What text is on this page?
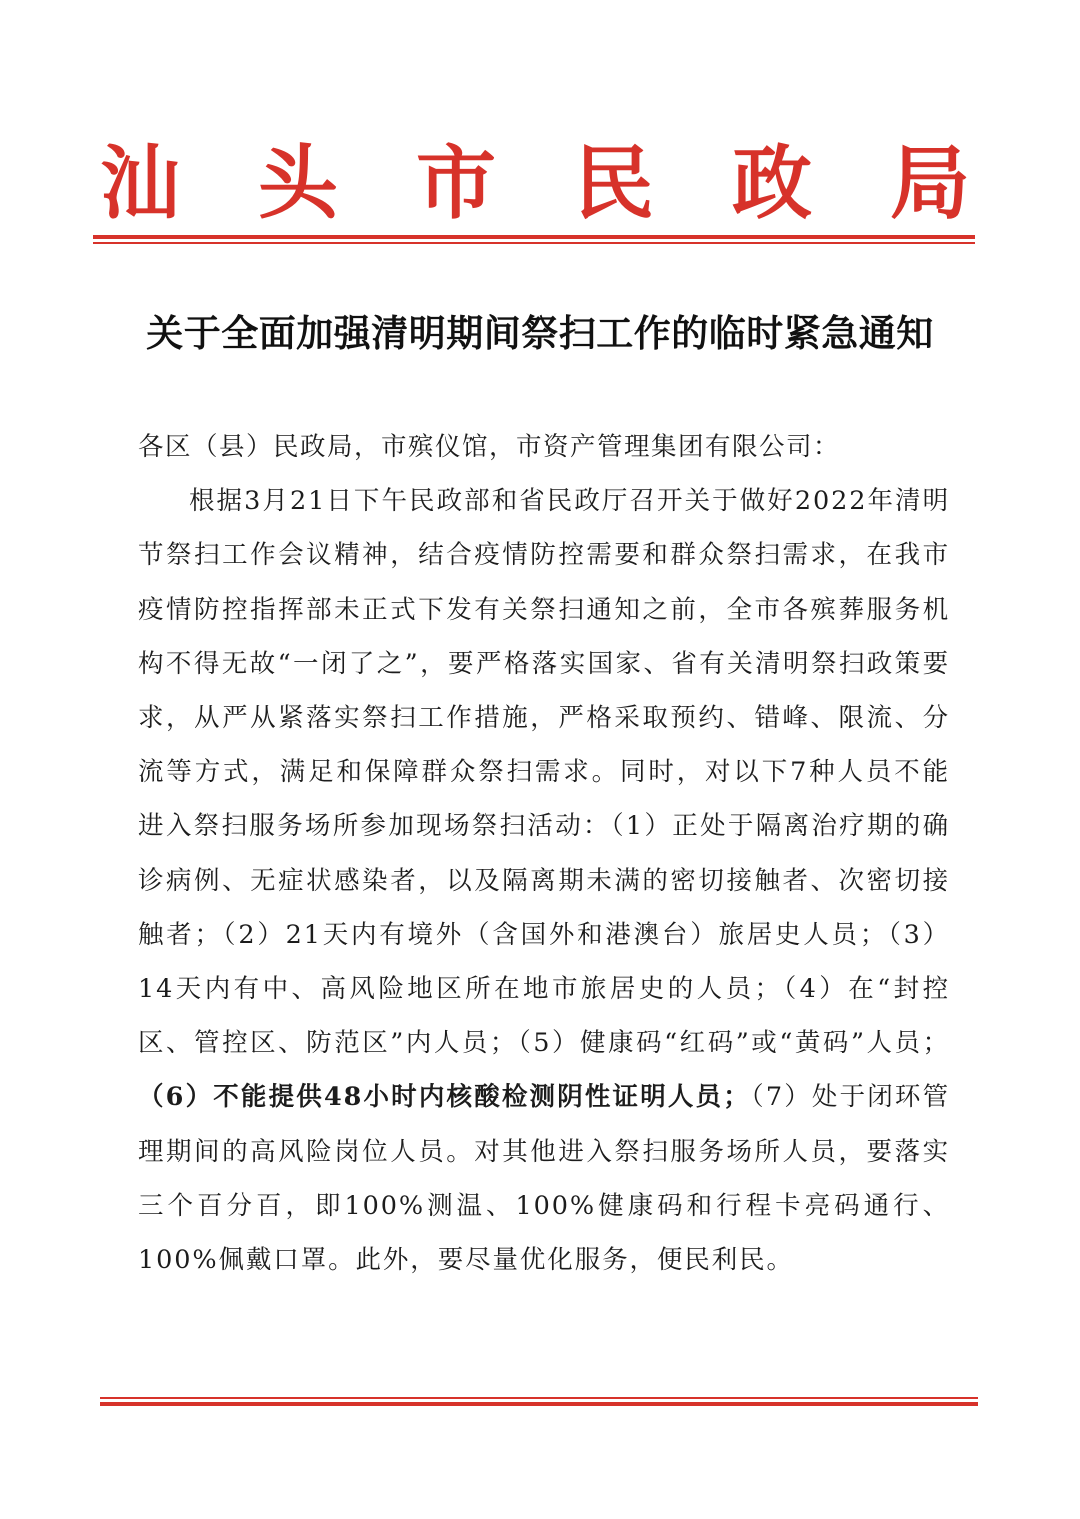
汕 头 市 民 政 局
关于全面加强清明期间祭扫工作的临时紧急通知

各区（县）民政局，市殡仪馆，市资产管理集团有限公司：

根据3月21日下午民政部和省民政厅召开关于做好2022年清明节祭扫工作会议精神，结合疫情防控需要和群众祭扫需求，在我市疫情防控指挥部未正式下发有关祭扫通知之前，全市各殡葬服务机构不得无故“一闭了之”，要严格落实国家、省有关清明祭扫政策要求，从严从紧落实祭扫工作措施，严格采取预约、错峰、限流、分流等方式，满足和保障群众祭扫需求。同时，对以下7种人员不能进入祭扫服务场所参加现场祭扫活动：（1）正处于隔离治疗期的确诊病例、无症状感染者，以及隔离期未满的密切接触者、次密切接触者；（2）21天内有境外（含国外和港澳台）旅居史人员；（3）14天内有中、高风险地区所在地市旅居史的人员；（4）在“封控区、管控区、防范区”内人员；（5）健康码“红码”或“黄码”人员；（6）不能提供48小时内核酸检测阴性证明人员；（7）处于闭环管理期间的高风险岗位人员。对其他进入祭扫服务场所人员，要落实三个百分百，即100%测温、100%健康码和行程卡亮码通行、100%佩戴口罩。此外，要尽量优化服务，便民利民。
